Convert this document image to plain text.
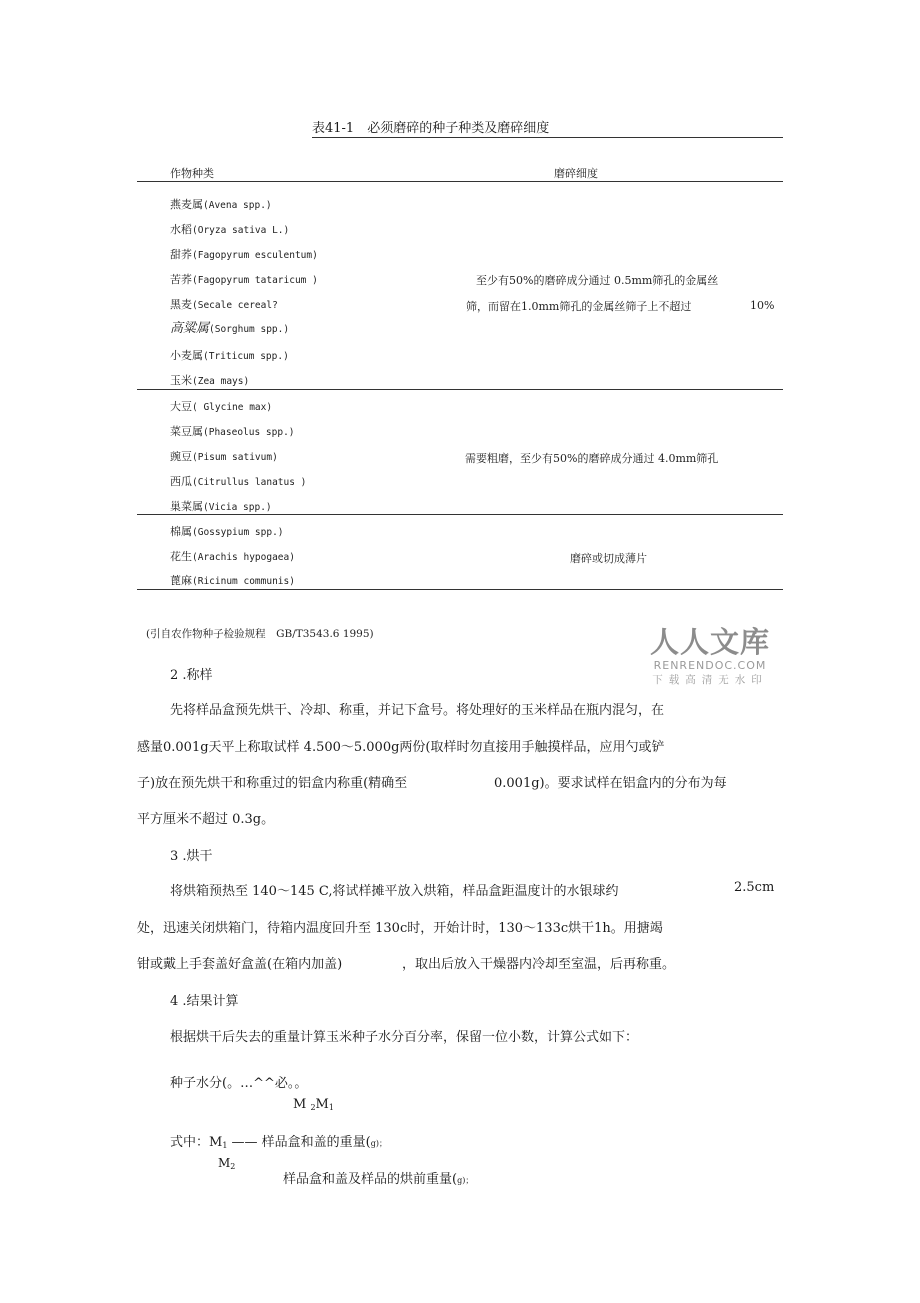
表41-1　必须磨碎的种子种类及磨碎细度
作物种类	磨碎细度
燕麦属(Avena spp.)
水稻(Oryza sativa L.)
甜荞(Fagopyrum esculentum)
苦荞(Fagopyrum tataricum )
黑麦(Secale cereal?
高粱属(Sorghum spp.)
小麦属(Triticum spp.)
玉米(Zea mays)
至少有50%的磨碎成分通过 0.5mm筛孔的金属丝
筛，而留在1.0mm筛孔的金属丝筛子上不超过	10%
大豆( Glycine max)
菜豆属(Phaseolus spp.)
豌豆(Pisum sativum)
西瓜(Citrullus lanatus )
巢菜属(Vicia spp.)
需要粗磨，至少有50%的磨碎成分通过 4.0mm筛孔
棉属(Gossypium spp.)
花生(Arachis hypogaea)
蓖麻(Ricinum communis)
磨碎或切成薄片
(引自农作物种子检验规程　GB/T3543.6 1995)	人人文库
RENRENDOC.COM
下载高清无水印
2 .称样
先将样品盒预先烘干、冷却、称重，并记下盒号。将处理好的玉米样品在瓶内混匀，在
感量0.001g天平上称取试样 4.500～5.000g两份(取样时勿直接用手触摸样品，应用勺或铲
子)放在预先烘干和称重过的铝盒内称重(精确至	0.001g)。要求试样在铝盒内的分布为每
平方厘米不超过 0.3g。
3 .烘干
将烘箱预热至 140～145 C,将试样摊平放入烘箱，样品盒距温度计的水银球约	2.5cm
处，迅速关闭烘箱门，待箱内温度回升至 130c时，开始计时，130～133c烘干1h。用搪竭
钳或戴上手套盖好盒盖(在箱内加盖)	，取出后放入干燥器内冷却至室温，后再称重。
4 .结果计算
根据烘干后失去的重量计算玉米种子水分百分率，保留一位小数，计算公式如下：
种子水分(。…^^必。。
M $_2M_1$
式中：$M_1$ —— 样品盒和盖的重量(g)；
$M_2$
样品盒和盖及样品的烘前重量(g)；
